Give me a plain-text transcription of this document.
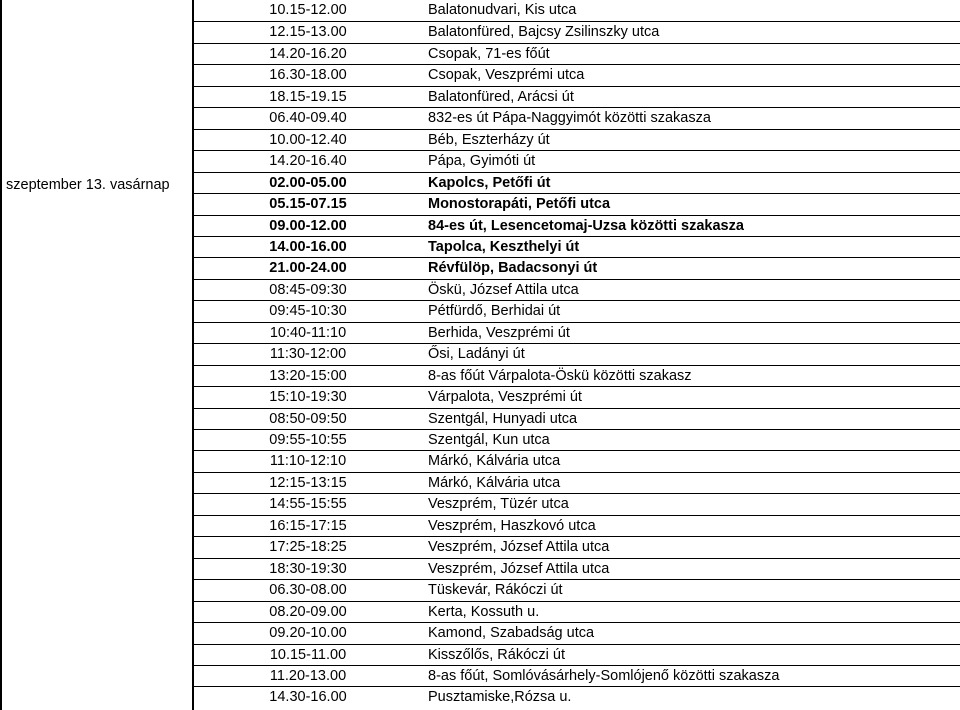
szeptember 13. vasárnap
10.15-12.00	Balatonudvari, Kis utca
12.15-13.00	Balatonfüred, Bajcsy Zsilinszky utca
14.20-16.20	Csopak, 71-es főút
16.30-18.00	Csopak, Veszprémi utca
18.15-19.15	Balatonfüred, Arácsi út
06.40-09.40	832-es út Pápa-Naggyimót közötti szakasza
10.00-12.40	Béb, Eszterházy út
14.20-16.40	Pápa, Gyimóti út
02.00-05.00	Kapolcs, Petőfi út
05.15-07.15	Monostorapáti, Petőfi utca
09.00-12.00	84-es út, Lesencetomaj-Uzsa közötti szakasza
14.00-16.00	Tapolca, Keszthelyi út
21.00-24.00	Révfülöp, Badacsonyi út
08:45-09:30	Öskü, József Attila utca
09:45-10:30	Pétfürdő, Berhidai út
10:40-11:10	Berhida, Veszprémi út
11:30-12:00	Ősi, Ladányi út
13:20-15:00	8-as főút Várpalota-Öskü közötti szakasz
15:10-19:30	Várpalota, Veszprémi út
08:50-09:50	Szentgál, Hunyadi utca
09:55-10:55	Szentgál, Kun utca
11:10-12:10	Márkó, Kálvária utca
12:15-13:15	Márkó, Kálvária utca
14:55-15:55	Veszprém, Tüzér utca
16:15-17:15	Veszprém, Haszkovó utca
17:25-18:25	Veszprém, József Attila utca
18:30-19:30	Veszprém, József Attila utca
06.30-08.00	Tüskevár, Rákóczi út
08.20-09.00	Kerta, Kossuth u.
09.20-10.00	Kamond, Szabadság utca
10.15-11.00	Kisszőlős, Rákóczi út
11.20-13.00	8-as főút, Somlóvásárhely-Somlójenő közötti szakasza
14.30-16.00	Pusztamiske,Rózsa u.
